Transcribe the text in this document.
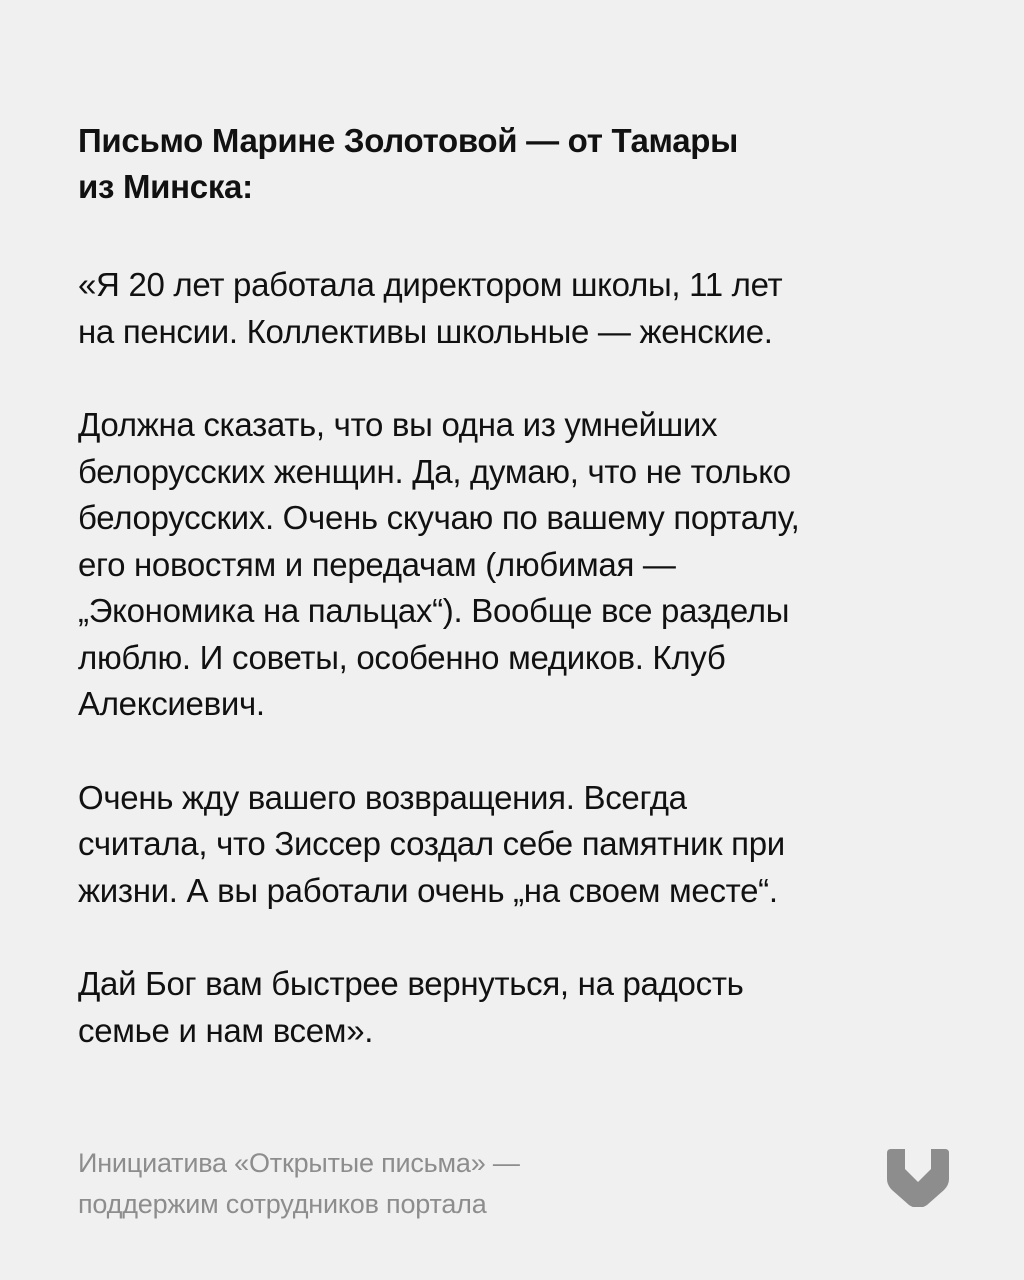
Письмо Марине Золотовой — от Тамары
из Минска:
«Я 20 лет работала директором школы, 11 лет
на пенсии. Коллективы школьные — женские.
Должна сказать, что вы одна из умнейших
белорусских женщин. Да, думаю, что не только
белорусских. Очень скучаю по вашему порталу,
его новостям и передачам (любимая —
„Экономика на пальцах“). Вообще все разделы
люблю. И советы, особенно медиков. Клуб
Алексиевич.
Очень жду вашего возвращения. Всегда
считала, что Зиссер создал себе памятник при
жизни. А вы работали очень „на своем месте“.
Дай Бог вам быстрее вернуться, на радость
семье и нам всем».
Инициатива «Открытые письма» —
поддержим сотрудников портала
